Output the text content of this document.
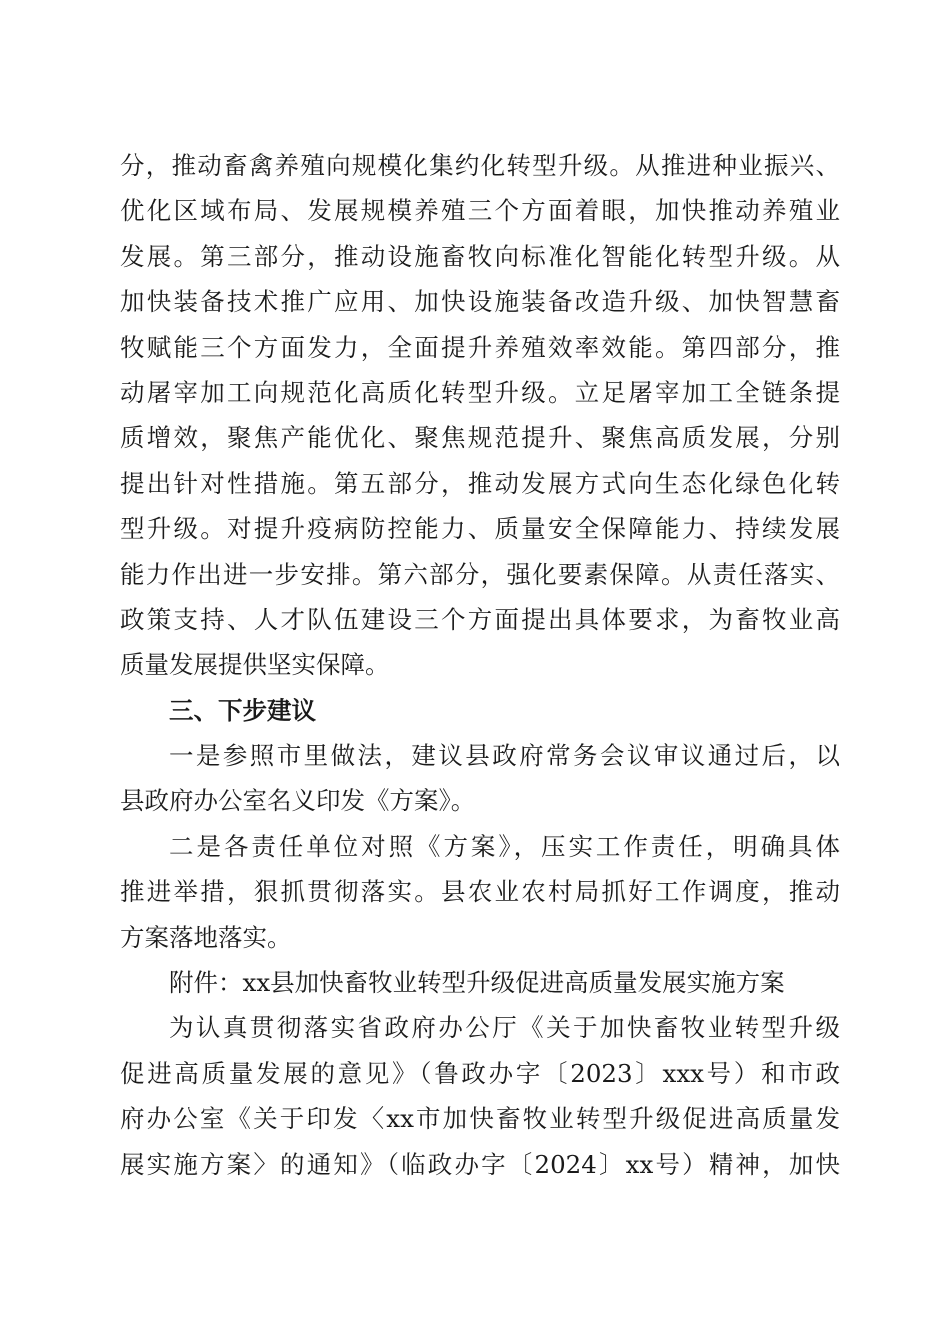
分，推动畜禽养殖向规模化集约化转型升级。从推进种业振兴、
优化区域布局、发展规模养殖三个方面着眼，加快推动养殖业
发展。第三部分，推动设施畜牧向标准化智能化转型升级。从
加快装备技术推广应用、加快设施装备改造升级、加快智慧畜
牧赋能三个方面发力，全面提升养殖效率效能。第四部分，推
动屠宰加工向规范化高质化转型升级。立足屠宰加工全链条提
质增效，聚焦产能优化、聚焦规范提升、聚焦高质发展，分别
提出针对性措施。第五部分，推动发展方式向生态化绿色化转
型升级。对提升疫病防控能力、质量安全保障能力、持续发展
能力作出进一步安排。第六部分，强化要素保障。从责任落实、
政策支持、人才队伍建设三个方面提出具体要求，为畜牧业高
质量发展提供坚实保障。
三、下步建议
一是参照市里做法，建议县政府常务会议审议通过后，以
县政府办公室名义印发《方案》。
二是各责任单位对照《方案》，压实工作责任，明确具体
推进举措，狠抓贯彻落实。县农业农村局抓好工作调度，推动
方案落地落实。
附件：xx县加快畜牧业转型升级促进高质量发展实施方案
为认真贯彻落实省政府办公厅《关于加快畜牧业转型升级
促进高质量发展的意见》（鲁政办字〔2023〕xxx号）和市政
府办公室《关于印发〈xx市加快畜牧业转型升级促进高质量发
展实施方案〉的通知》（临政办字〔2024〕xx号）精神，加快
